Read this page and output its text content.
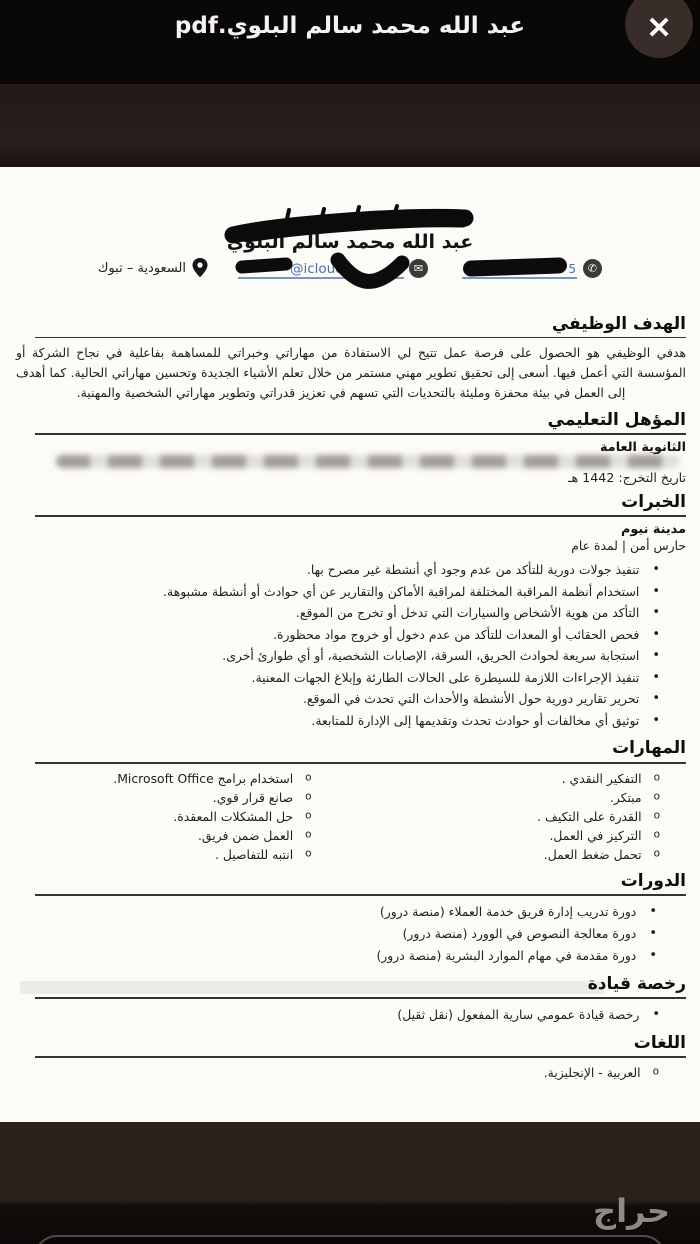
عبد الله محمد سالم البلوي.pdf	✕
عبد الله محمد سالم البلوي
5	✆
@icloud	✉
السعودية – تبوك
الهدف الوظيفي

هدفي الوظيفي هو الحصول على فرصة عمل تتيح لي الاستفادة من مهاراتي وخبراتي للمساهمة بفاعلية في نجاح الشركة أو المؤسسة التي أعمل فيها. أسعى إلى تحقيق تطوير مهني مستمر من خلال تعلم الأشياء الجديدة وتحسين مهاراتي الحالية. كما أهدف إلى العمل في بيئة محفزة ومليئة بالتحديات التي تسهم في تعزيز قدراتي وتطوير مهاراتي الشخصية والمهنية.

المؤهل التعليمي
الثانوية العامة
تاريخ التخرج: 1442 هـ
الخبرات
مدينة نيوم
حارس أمن | لمدة عام
• تنفيذ جولات دورية للتأكد من عدم وجود أي أنشطة غير مصرح بها.
• استخدام أنظمة المراقبة المختلفة لمراقبة الأماكن والتقارير عن أي حوادث أو أنشطة مشبوهة.
• التأكد من هوية الأشخاص والسيارات التي تدخل أو تخرج من الموقع.
• فحص الحقائب أو المعدات للتأكد من عدم دخول أو خروج مواد محظورة.
• استجابة سريعة لحوادث الحريق، السرقة، الإصابات الشخصية، أو أي طوارئ أخرى.
• تنفيذ الإجراءات اللازمة للسيطرة على الحالات الطارئة وإبلاغ الجهات المعنية.
• تحرير تقارير دورية حول الأنشطة والأحداث التي تحدث في الموقع.
• توثيق أي مخالفات أو حوادث تحدث وتقديمها إلى الإدارة للمتابعة.
المهارات
o التفكير النقدي .
o مبتكر.
o القدرة على التكيف .
o التركيز في العمل.
o تحمل ضغط العمل.
o استخدام برامج Microsoft Office.
o صانع قرار قوي.
o حل المشكلات المعقدة.
o العمل ضمن فريق.
o انتبه للتفاصيل .
الدورات
• دورة تدريب إدارة فريق خدمة العملاء (منصة درور)
• دورة معالجة النصوص في الوورد (منصة درور)
• دورة مقدمة في مهام الموارد البشرية (منصة درور)
رخصة قيادة
• رخصة قيادة عمومي سارية المفعول (نقل ثقيل)
اللغات
o العربية - الإنجليزية.
حراج
